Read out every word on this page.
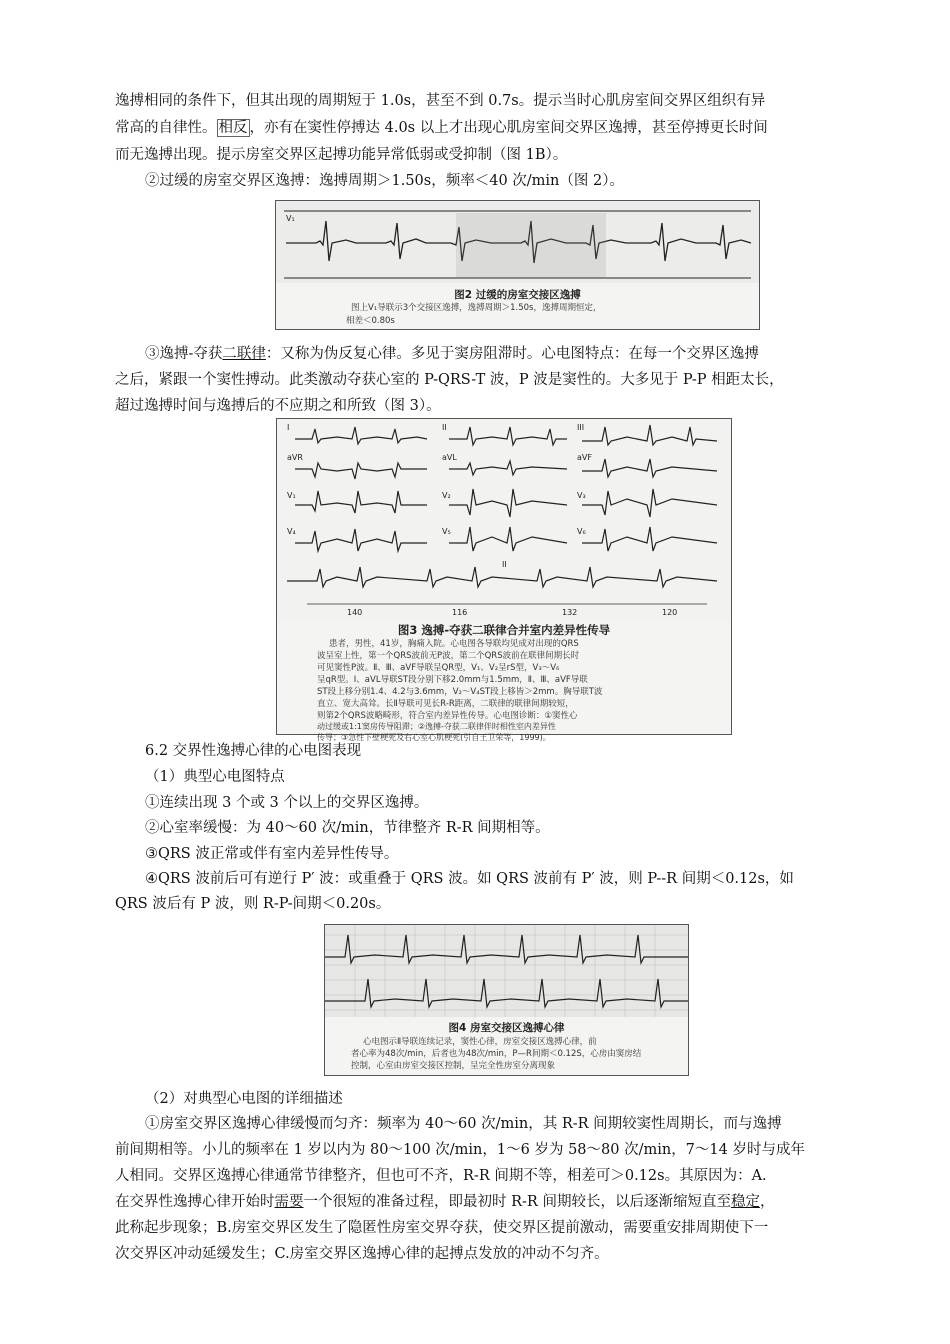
逸搏相同的条件下，但其出现的周期短于 1.0s，甚至不到 0.7s。提示当时心肌房室间交界区组织有异
常高的自律性。 相反 ，亦有在窦性停搏达 4.0s 以上才出现心肌房室间交界区逸搏，甚至停搏更长时间
而无逸搏出现。提示房室交界区起搏功能异常低弱或受抑制（图 1B）。
②过缓的房室交界区逸搏：逸搏周期＞1.50s，频率＜40 次/min（图 2）。
V₁
图2 过缓的房室交接区逸搏
图上V₁导联示3个交接区逸搏，逸搏周期＞1.50s，逸搏周期恒定，
相差＜0.80s
③逸搏-夺获二联律：又称为伪反复心律。多见于窦房阻滞时。心电图特点：在每一个交界区逸搏
之后，紧跟一个窦性搏动。此类激动夺获心室的 P-QRS-T 波，P 波是窦性的。大多见于 P-P 相距太长，
超过逸搏时间与逸搏后的不应期之和所致（图 3）。
I	II	III
aVR	aVL	aVF
V₁	V₂	V₃
V₄	V₅	V₆
II
140	116	132	120
图3 逸搏-夺获二联律合并室内差异性传导
患者，男性，41岁，胸痛入院。心电图各导联均见成对出现的QRS
波呈室上性，第一个QRS波前无P波，第二个QRS波前在联律间期长时
可见窦性P波。Ⅱ、Ⅲ、aVF导联呈QR型，V₁、V₂呈rS型，V₃～V₆
呈qR型。Ⅰ、aVL导联ST段分别下移2.0mm与1.5mm，Ⅱ、Ⅲ、aVF导联
ST段上移分别1.4、4.2与3.6mm，V₂～V₄ST段上移皆＞2mm。胸导联T波
直立、宽大高耸。长Ⅱ导联可见长R-R距离，二联律的联律间期较短，
则第2个QRS波略畸形，符合室内差异性传导。心电图诊断：①窦性心
动过缓或1:1窦房传导阻滞；②逸搏-夺获二联律伴时相性室内差异性
传导；③急性下壁梗死及右心室心肌梗死(引自王卫荣等，1999)。
6.2 交界性逸搏心律的心电图表现
（1）典型心电图特点
①连续出现 3 个或 3 个以上的交界区逸搏。
②心室率缓慢：为 40～60 次/min，节律整齐 R-R 间期相等。
③QRS 波正常或伴有室内差异性传导。
④QRS 波前后可有逆行 P′ 波：或重叠于 QRS 波。如 QRS 波前有 P′ 波，则 P--R 间期＜0.12s，如
QRS 波后有 P 波，则 R-P-间期＜0.20s。
图4 房室交接区逸搏心律
心电图示Ⅱ导联连续记录，窦性心律，房室交接区逸搏心律，前
者心率为48次/min，后者也为48次/min，P—R间期＜0.12S，心房由窦房结
控制，心室由房室交接区控制，呈完全性房室分离现象
（2）对典型心电图的详细描述
①房室交界区逸搏心律缓慢而匀齐：频率为 40～60 次/min，其 R-R 间期较窦性周期长，而与逸搏
前间期相等。小儿的频率在 1 岁以内为 80～100 次/min，1～6 岁为 58～80 次/min，7～14 岁时与成年
人相同。交界区逸搏心律通常节律整齐，但也可不齐，R-R 间期不等，相差可＞0.12s。其原因为：A.
在交界性逸搏心律开始时需要一个很短的准备过程，即最初时 R-R 间期较长，以后逐渐缩短直至稳定，
此称起步现象；B.房室交界区发生了隐匿性房室交界夺获，使交界区提前激动，需要重安排周期使下一
次交界区冲动延缓发生；C.房室交界区逸搏心律的起搏点发放的冲动不匀齐。
